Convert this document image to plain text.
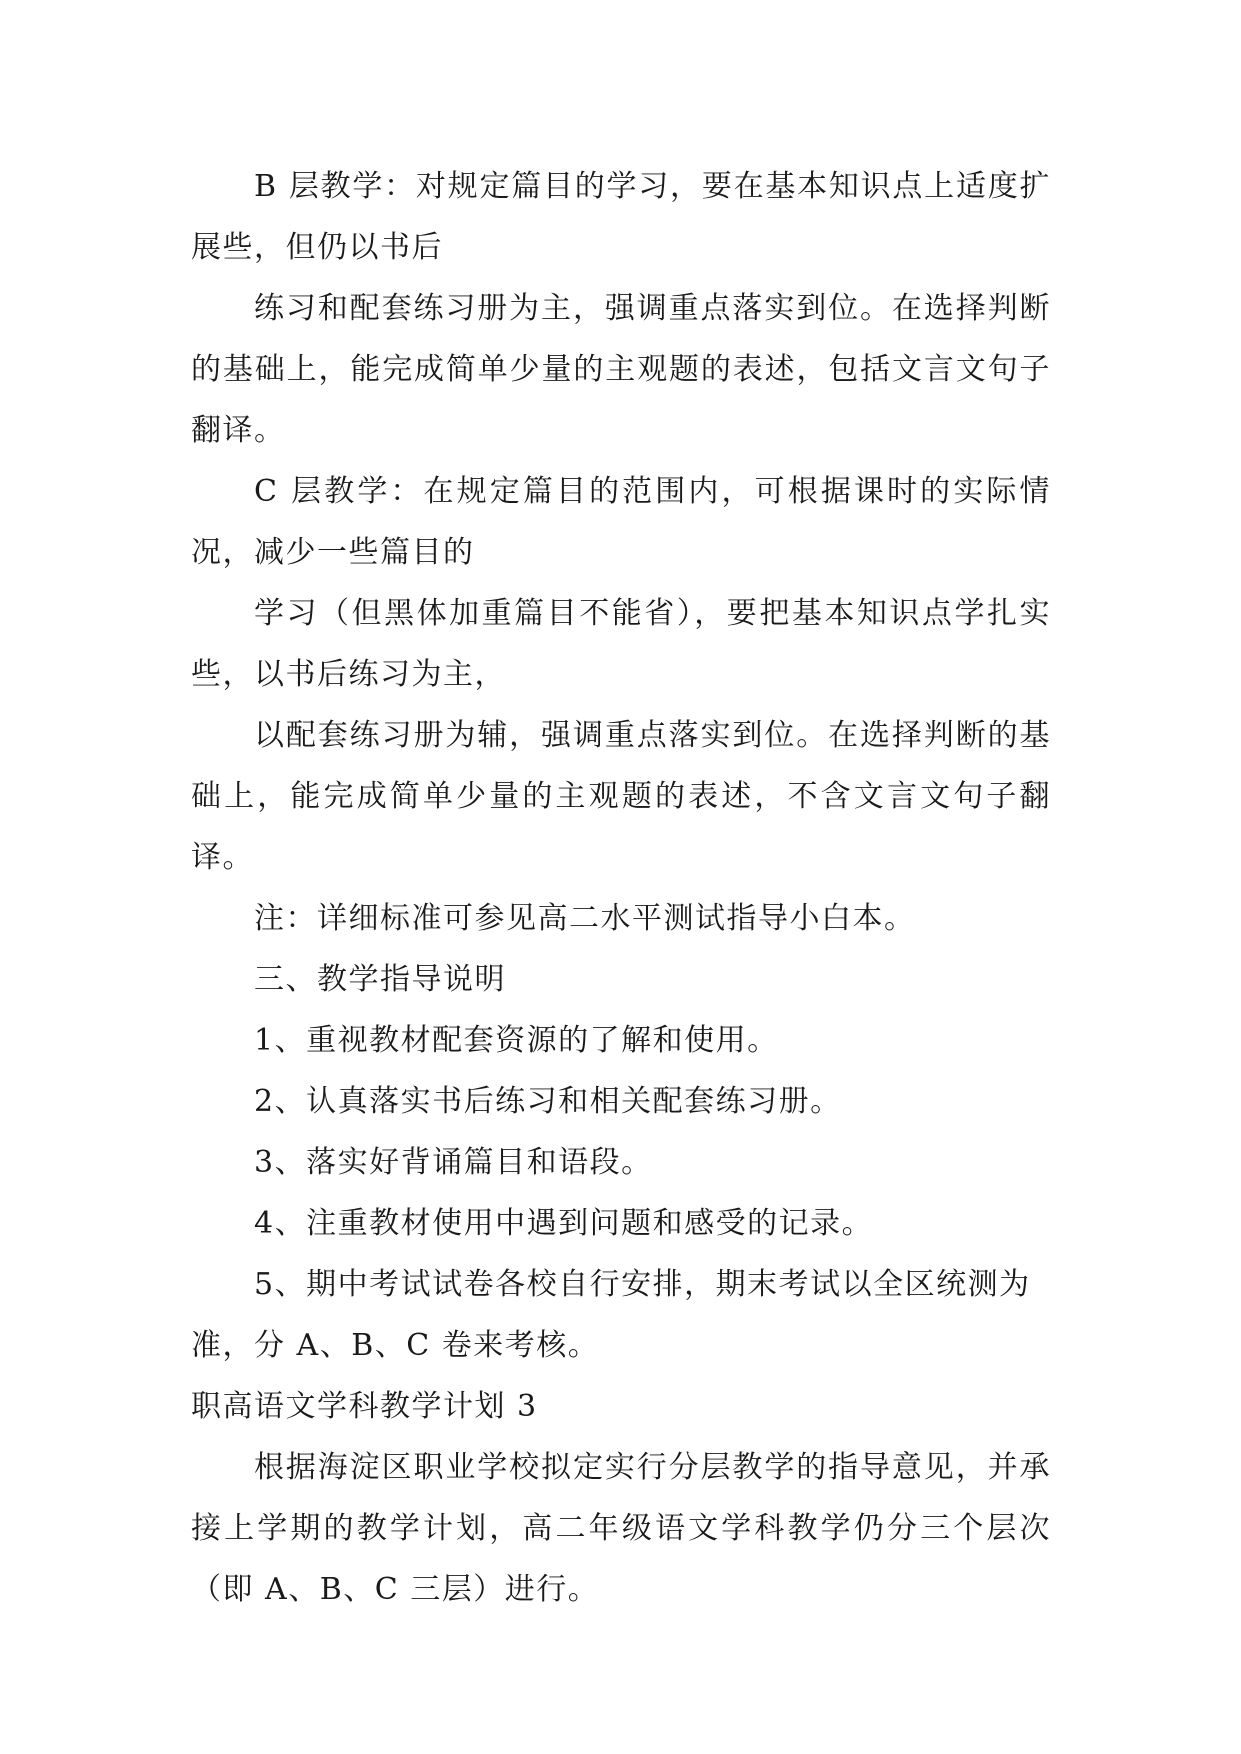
B 层教学：对规定篇目的学习，要在基本知识点上适度扩展些，但仍以书后

练习和配套练习册为主，强调重点落实到位。在选择判断的基础上，能完成简单少量的主观题的表述，包括文言文句子翻译。

C 层教学：在规定篇目的范围内，可根据课时的实际情况，减少一些篇目的

学习（但黑体加重篇目不能省），要把基本知识点学扎实些，以书后练习为主，

以配套练习册为辅，强调重点落实到位。在选择判断的基础上，能完成简单少量的主观题的表述，不含文言文句子翻译。

注：详细标准可参见高二水平测试指导小白本。

三、教学指导说明

1、重视教材配套资源的了解和使用。

2、认真落实书后练习和相关配套练习册。

3、落实好背诵篇目和语段。

4、注重教材使用中遇到问题和感受的记录。

5、期中考试试卷各校自行安排，期末考试以全区统测为准，分 A、B、C 卷来考核。

职高语文学科教学计划 3

根据海淀区职业学校拟定实行分层教学的指导意见，并承接上学期的教学计划，高二年级语文学科教学仍分三个层次（即 A、B、C 三层）进行。
